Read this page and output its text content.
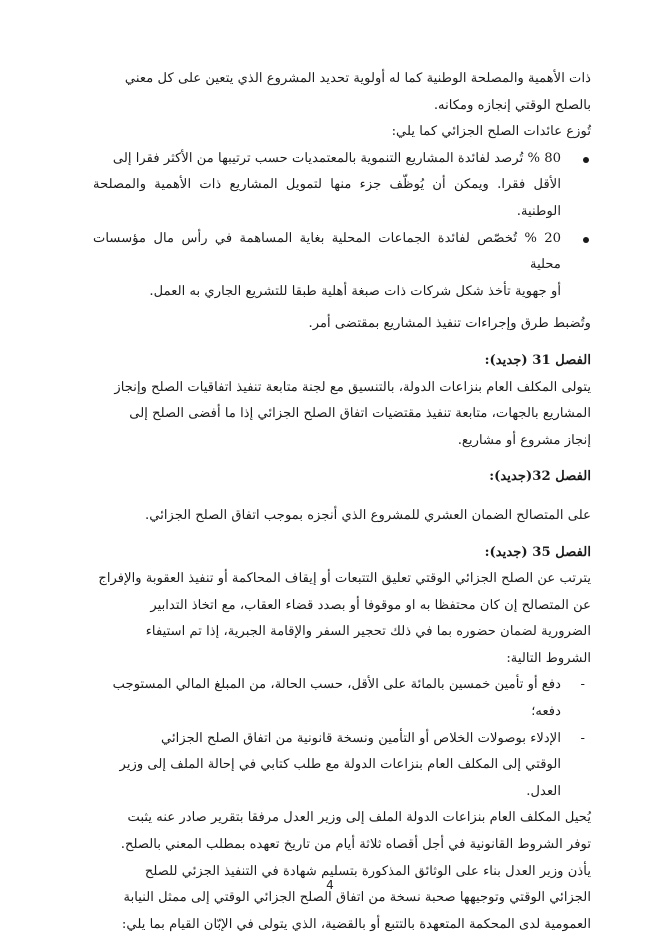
ذات الأهمية والمصلحة الوطنية كما له أولوية تحديد المشروع الذي يتعين على كل معني

بالصلح الوقتي إنجازه ومكانه.

تُوزع عائدات الصلح الجزائي كما يلي:

80 % تُرصد لفائدة المشاريع التنموية بالمعتمديات حسب ترتيبها من الأكثر فقرا إلى

الأقل فقرا. ويمكن أن يُوظّف جزء منها لتمويل المشاريع ذات الأهمية والمصلحة الوطنية.

20 % تُخصّص لفائدة الجماعات المحلية بغاية المساهمة في رأس مال مؤسسات محلية

أو جهوية تأخذ شكل شركات ذات صبغة أهلية طبقا للتشريع الجاري به العمل.

وتُضبط طرق وإجراءات تنفيذ المشاريع بمقتضى أمر.

الفصل 31 (جديد):

يتولى المكلف العام بنزاعات الدولة، بالتنسيق مع لجنة متابعة تنفيذ اتفاقيات الصلح وإنجاز

المشاريع بالجهات، متابعة تنفيذ مقتضيات اتفاق الصلح الجزائي إذا ما أفضى الصلح إلى

إنجاز مشروع أو مشاريع.

الفصل 32(جديد):

على المتصالح الضمان العشري للمشروع الذي أنجزه بموجب اتفاق الصلح الجزائي.

الفصل 35 (جديد):

يترتب عن الصلح الجزائي الوقتي تعليق التتبعات أو إيقاف المحاكمة أو تنفيذ العقوبة والإفراج

عن المتصالح إن كان محتفظا به او موقوفا أو بصدد قضاء العقاب، مع اتخاذ التدابير

الضرورية لضمان حضوره بما في ذلك تحجير السفر والإقامة الجبرية، إذا تم استيفاء

الشروط التالية:

-

دفع أو تأمين خمسين بالمائة على الأقل، حسب الحالة، من المبلغ المالي المستوجب

دفعه؛

-

الإدلاء بوصولات الخلاص أو التأمين ونسخة قانونية من اتفاق الصلح الجزائي

الوقتي إلى المكلف العام بنزاعات الدولة مع طلب كتابي في إحالة الملف إلى وزير

العدل.

يُحيل المكلف العام بنزاعات الدولة الملف إلى وزير العدل مرفقا بتقرير صادر عنه يثبت

توفر الشروط القانونية في أجل أقصاه ثلاثة أيام من تاريخ تعهده بمطلب المعني بالصلح.

يأذن وزير العدل بناء على الوثائق المذكورة بتسليم شهادة في التنفيذ الجزئي للصلح

الجزائي الوقتي وتوجيهها صحبة نسخة من اتفاق الصلح الجزائي الوقتي إلى ممثل النيابة

العمومية لدى المحكمة المتعهدة بالتتبع أو بالقضية، الذي يتولى في الإبّان القيام بما يلي:

4
